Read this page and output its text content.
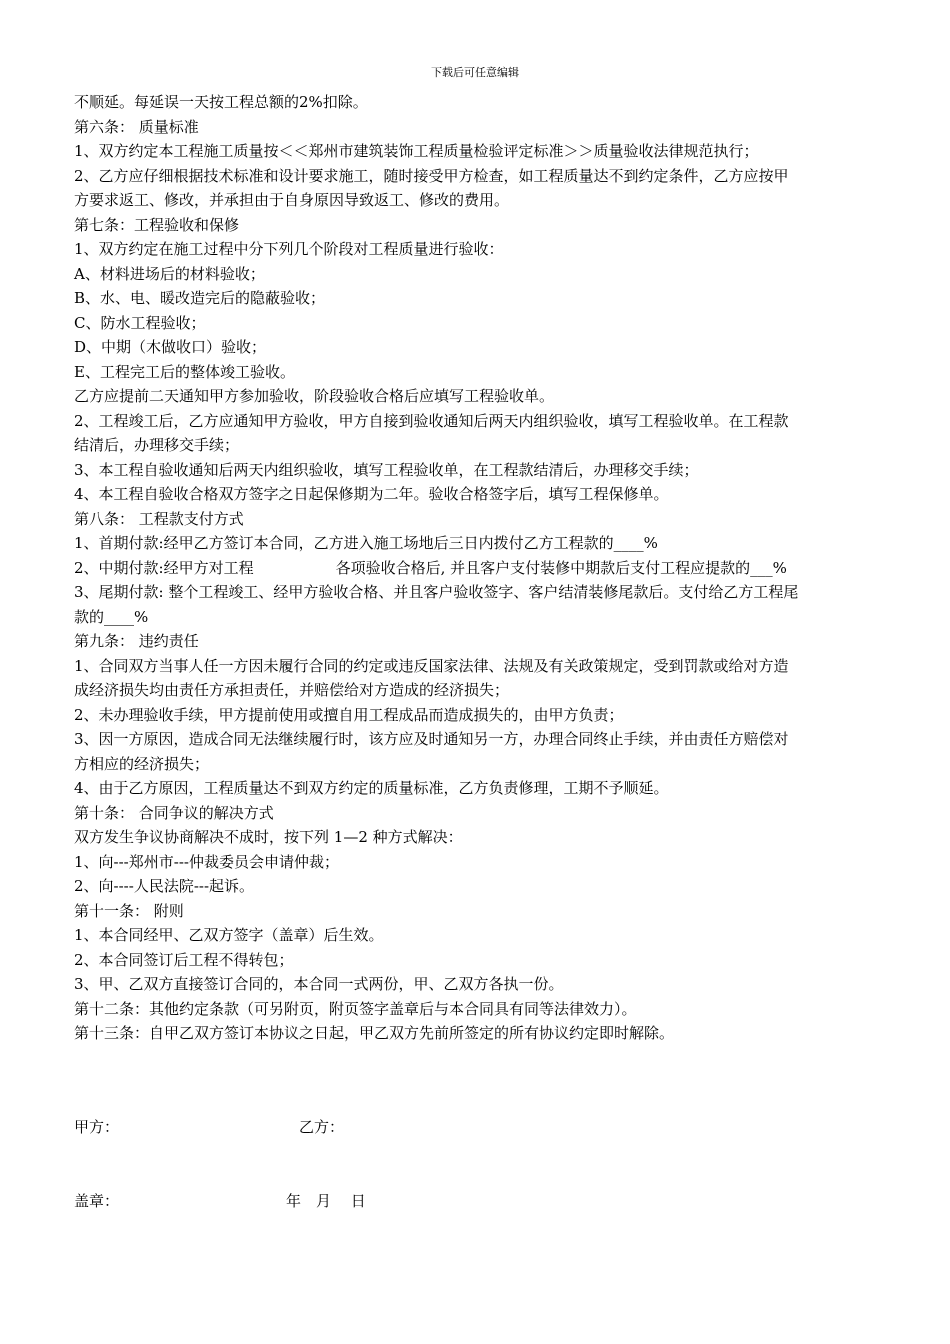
下载后可任意编辑
不顺延。每延误一天按工程总额的2%扣除。
第六条： 质量标准
1、双方约定本工程施工质量按＜＜郑州市建筑装饰工程质量检验评定标准＞＞质量验收法律规范执行；
2、乙方应仔细根据技术标准和设计要求施工，随时接受甲方检查，如工程质量达不到约定条件，乙方应按甲
方要求返工、修改，并承担由于自身原因导致返工、修改的费用。
第七条：工程验收和保修
1、双方约定在施工过程中分下列几个阶段对工程质量进行验收：
A、材料进场后的材料验收；
B、水、电、暖改造完后的隐蔽验收；
C、防水工程验收；
D、中期（木做收口）验收；
E、工程完工后的整体竣工验收。
乙方应提前二天通知甲方参加验收，阶段验收合格后应填写工程验收单。
2、工程竣工后，乙方应通知甲方验收，甲方自接到验收通知后两天内组织验收，填写工程验收单。在工程款
结清后，办理移交手续；
3、本工程自验收通知后两天内组织验收，填写工程验收单，在工程款结清后，办理移交手续；
4、本工程自验收合格双方签字之日起保修期为二年。验收合格签字后，填写工程保修单。
第八条： 工程款支付方式
1、首期付款:经甲乙方签订本合同，乙方进入施工场地后三日内拨付乙方工程款的____%
2、中期付款:经甲方对工程	各项验收合格后, 并且客户支付装修中期款后支付工程应提款的___%
3、尾期付款: 整个工程竣工、经甲方验收合格、并且客户验收签字、客户结清装修尾款后。支付给乙方工程尾
款的____%
第九条： 违约责任
1、合同双方当事人任一方因未履行合同的约定或违反国家法律、法规及有关政策规定，受到罚款或给对方造
成经济损失均由责任方承担责任，并赔偿给对方造成的经济损失；
2、未办理验收手续，甲方提前使用或擅自用工程成品而造成损失的，由甲方负责；
3、因一方原因，造成合同无法继续履行时，该方应及时通知另一方，办理合同终止手续，并由责任方赔偿对
方相应的经济损失；
4、由于乙方原因，工程质量达不到双方约定的质量标准，乙方负责修理，工期不予顺延。
第十条： 合同争议的解决方式
双方发生争议协商解决不成时，按下列 1—2 种方式解决：
1、向---郑州市---仲裁委员会申请仲裁；
2、向----人民法院---起诉。
第十一条： 附则
1、本合同经甲、乙双方签字（盖章）后生效。
2、本合同签订后工程不得转包；
3、甲、乙双方直接签订合同的，本合同一式两份，甲、乙双方各执一份。
第十二条：其他约定条款（可另附页，附页签字盖章后与本合同具有同等法律效力）。
第十三条：自甲乙双方签订本协议之日起，甲乙双方先前所签定的所有协议约定即时解除。
甲方：	乙方：
盖章：	年　月　 日
